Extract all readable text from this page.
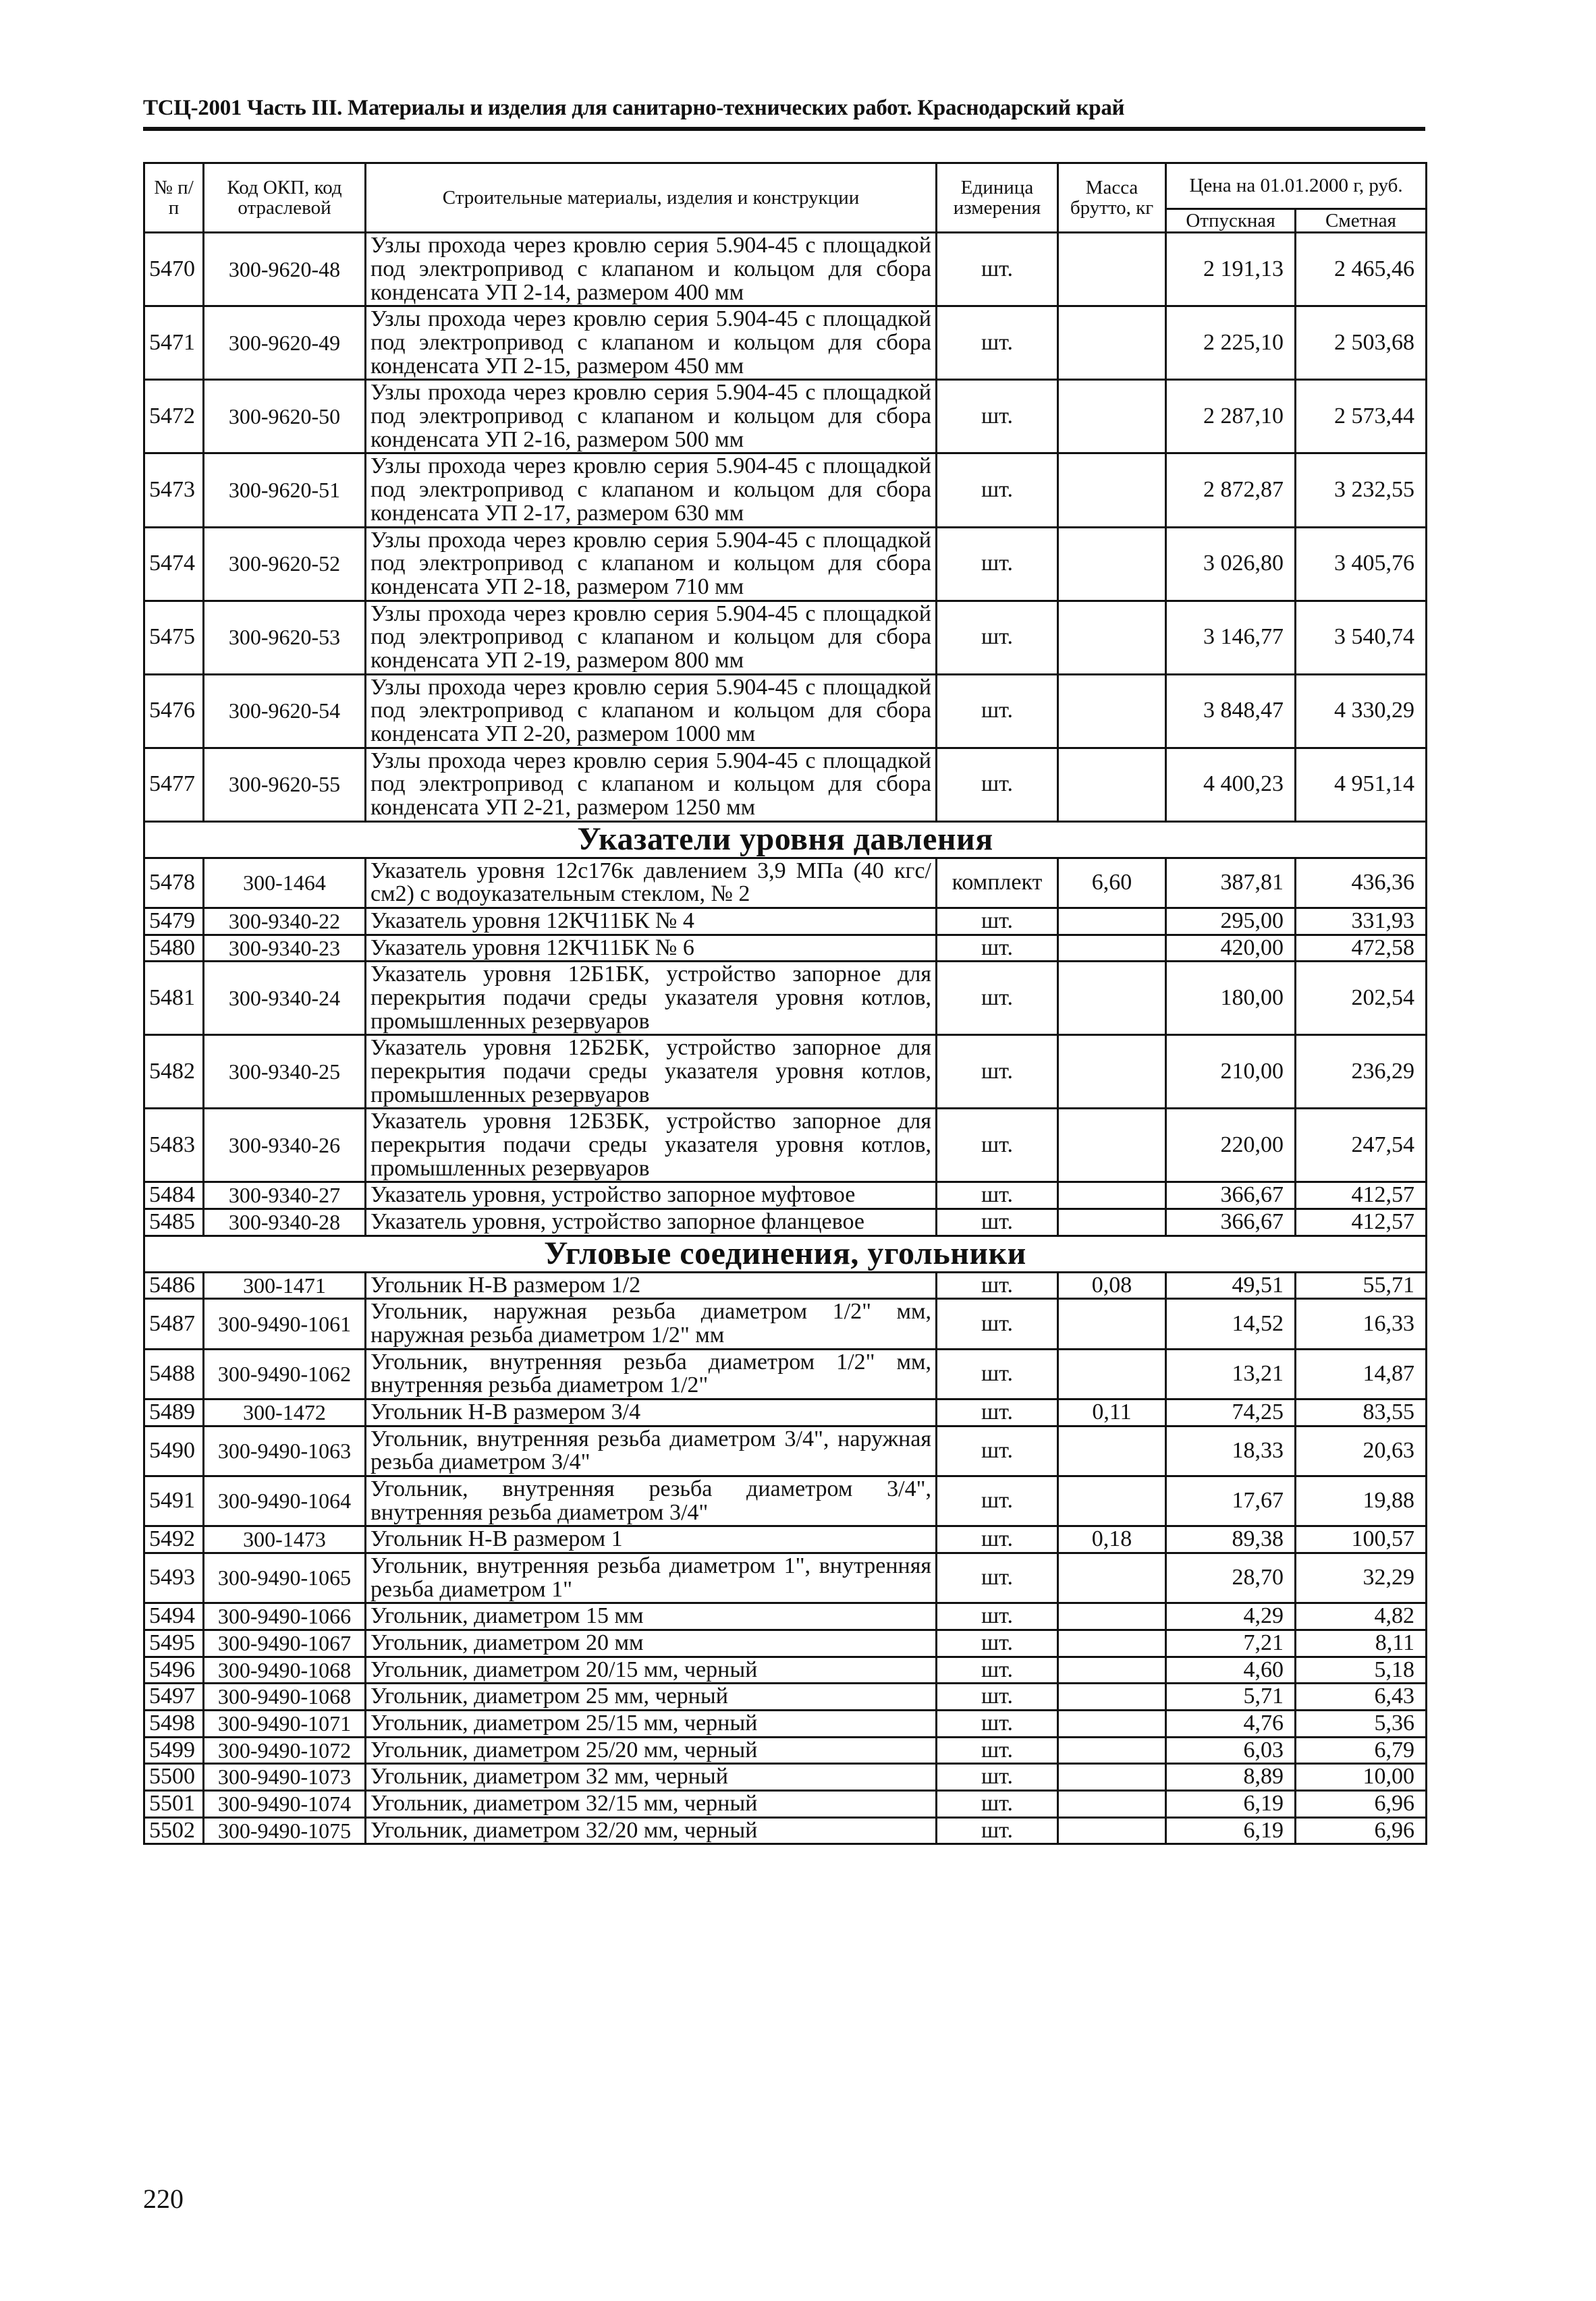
ТСЦ-2001 Часть III. Материалы и изделия для санитарно-технических работ. Краснодарский край
№ п/п	Код ОКП, код отраслевой	Строительные материалы, изделия и конструкции	Единица измерения	Масса брутто, кг	Цена на 01.01.2000 г, руб.	
					Отпускная	Сметная
5470	300-9620-48	Узлы прохода через кровлю серия 5.904-45 с площадкой под электропривод с клапаном и кольцом для сбора конденсата УП 2-14, размером 400 мм	шт.		2 191,13	2 465,46
5471	300-9620-49	Узлы прохода через кровлю серия 5.904-45 с площадкой под электропривод с клапаном и кольцом для сбора конденсата УП 2-15, размером 450 мм	шт.		2 225,10	2 503,68
5472	300-9620-50	Узлы прохода через кровлю серия 5.904-45 с площадкой под электропривод с клапаном и кольцом для сбора конденсата УП 2-16, размером 500 мм	шт.		2 287,10	2 573,44
5473	300-9620-51	Узлы прохода через кровлю серия 5.904-45 с площадкой под электропривод с клапаном и кольцом для сбора конденсата УП 2-17, размером 630 мм	шт.		2 872,87	3 232,55
5474	300-9620-52	Узлы прохода через кровлю серия 5.904-45 с площадкой под электропривод с клапаном и кольцом для сбора конденсата УП 2-18, размером 710 мм	шт.		3 026,80	3 405,76
5475	300-9620-53	Узлы прохода через кровлю серия 5.904-45 с площадкой под электропривод с клапаном и кольцом для сбора конденсата УП 2-19, размером 800 мм	шт.		3 146,77	3 540,74
5476	300-9620-54	Узлы прохода через кровлю серия 5.904-45 с площадкой под электропривод с клапаном и кольцом для сбора конденсата УП 2-20, размером 1000 мм	шт.		3 848,47	4 330,29
5477	300-9620-55	Узлы прохода через кровлю серия 5.904-45 с площадкой под электропривод с клапаном и кольцом для сбора конденсата УП 2-21, размером 1250 мм	шт.		4 400,23	4 951,14
Указатели уровня давления						
5478	300-1464	Указатель уровня 12с176к давлением 3,9 МПа (40 кгс/см2) с водоуказательным стеклом, № 2	комплект	6,60	387,81	436,36
5479	300-9340-22	Указатель уровня 12КЧ11БК № 4	шт.		295,00	331,93
5480	300-9340-23	Указатель уровня 12КЧ11БК № 6	шт.		420,00	472,58
5481	300-9340-24	Указатель уровня 12Б1БК, устройство запорное для перекрытия подачи среды указателя уровня котлов, промышленных резервуаров	шт.		180,00	202,54
5482	300-9340-25	Указатель уровня 12Б2БК, устройство запорное для перекрытия подачи среды указателя уровня котлов, промышленных резервуаров	шт.		210,00	236,29
5483	300-9340-26	Указатель уровня 12Б3БК, устройство запорное для перекрытия подачи среды указателя уровня котлов, промышленных резервуаров	шт.		220,00	247,54
5484	300-9340-27	Указатель уровня, устройство запорное муфтовое	шт.		366,67	412,57
5485	300-9340-28	Указатель уровня, устройство запорное фланцевое	шт.		366,67	412,57
Угловые соединения, угольники						
5486	300-1471	Угольник Н-В размером 1/2	шт.	0,08	49,51	55,71
5487	300-9490-1061	Угольник, наружная резьба диаметром 1/2" мм, наружная резьба диаметром 1/2" мм	шт.		14,52	16,33
5488	300-9490-1062	Угольник, внутренняя резьба диаметром 1/2" мм, внутренняя резьба диаметром 1/2"	шт.		13,21	14,87
5489	300-1472	Угольник Н-В размером 3/4	шт.	0,11	74,25	83,55
5490	300-9490-1063	Угольник, внутренняя резьба диаметром 3/4", наружная резьба диаметром 3/4"	шт.		18,33	20,63
5491	300-9490-1064	Угольник, внутренняя резьба диаметром 3/4", внутренняя резьба диаметром 3/4"	шт.		17,67	19,88
5492	300-1473	Угольник Н-В размером 1	шт.	0,18	89,38	100,57
5493	300-9490-1065	Угольник, внутренняя резьба диаметром 1", внутренняя резьба диаметром 1"	шт.		28,70	32,29
5494	300-9490-1066	Угольник, диаметром 15 мм	шт.		4,29	4,82
5495	300-9490-1067	Угольник, диаметром 20 мм	шт.		7,21	8,11
5496	300-9490-1068	Угольник, диаметром 20/15 мм, черный	шт.		4,60	5,18
5497	300-9490-1068	Угольник, диаметром 25 мм, черный	шт.		5,71	6,43
5498	300-9490-1071	Угольник, диаметром 25/15 мм, черный	шт.		4,76	5,36
5499	300-9490-1072	Угольник, диаметром 25/20 мм, черный	шт.		6,03	6,79
5500	300-9490-1073	Угольник, диаметром 32 мм, черный	шт.		8,89	10,00
5501	300-9490-1074	Угольник, диаметром 32/15 мм, черный	шт.		6,19	6,96
5502	300-9490-1075	Угольник, диаметром 32/20 мм, черный	шт.		6,19	6,96
220
